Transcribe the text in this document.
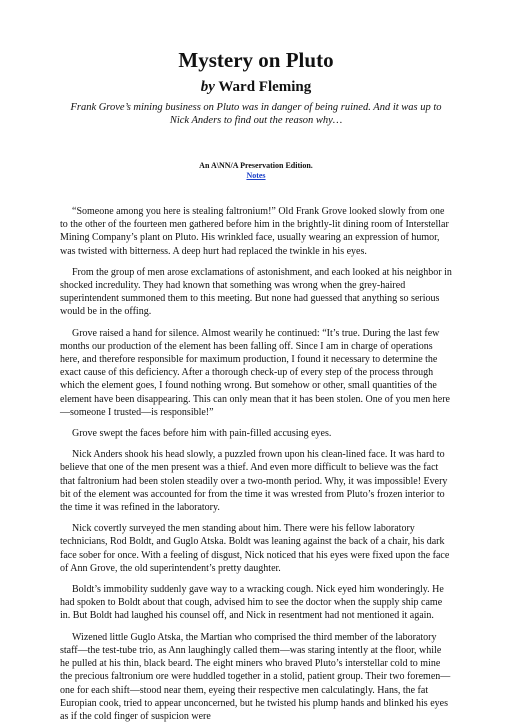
Mystery on Pluto
by Ward Fleming

Frank Grove’s mining business on Pluto was in danger of being ruined. And it was up to Nick Anders to find out the reason why…

An A\NN/A Preservation Edition.

Notes

“Someone among you here is stealing faltronium!” Old Frank Grove looked slowly from one to the other of the fourteen men gathered before him in the brightly-lit dining room of Interstellar Mining Company’s plant on Pluto. His wrinkled face, usually wearing an expression of humor, was twisted with bitterness. A deep hurt had replaced the twinkle in his eyes.

From the group of men arose exclamations of astonishment, and each looked at his neighbor in shocked incredulity. They had known that something was wrong when the grey-haired superintendent summoned them to this meeting. But none had guessed that anything so serious would be in the offing.

Grove raised a hand for silence. Almost wearily he continued: “It’s true. During the last few months our production of the element has been falling off. Since I am in charge of operations here, and therefore responsible for maximum production, I found it necessary to determine the exact cause of this deficiency. After a thorough check-up of every step of the process through which the element goes, I found nothing wrong. But somehow or other, small quantities of the element have been disappearing. This can only mean that it has been stolen. One of you men here—someone I trusted—is responsible!”

Grove swept the faces before him with pain-filled accusing eyes.

Nick Anders shook his head slowly, a puzzled frown upon his clean-lined face. It was hard to believe that one of the men present was a thief. And even more difficult to believe was the fact that faltronium had been stolen steadily over a two-month period. Why, it was impossible! Every bit of the element was accounted for from the time it was wrested from Pluto’s frozen interior to the time it was refined in the laboratory.

Nick covertly surveyed the men standing about him. There were his fellow laboratory technicians, Rod Boldt, and Guglo Atska. Boldt was leaning against the back of a chair, his dark face sober for once. With a feeling of disgust, Nick noticed that his eyes were fixed upon the face of Ann Grove, the old superintendent’s pretty daughter.

Boldt’s immobility suddenly gave way to a wracking cough. Nick eyed him wonderingly. He had spoken to Boldt about that cough, advised him to see the doctor when the supply ship came in. But Boldt had laughed his counsel off, and Nick in resentment had not mentioned it again.

Wizened little Guglo Atska, the Martian who comprised the third member of the laboratory staff—the test-tube trio, as Ann laughingly called them—was staring intently at the floor, while he pulled at his thin, black beard. The eight miners who braved Pluto’s interstellar cold to mine the precious faltronium ore were huddled together in a stolid, patient group. Their two foremen—one for each shift—stood near them, eyeing their respective men calculatingly. Hans, the fat Europian cook, tried to appear unconcerned, but he twisted his plump hands and blinked his eyes as if the cold finger of suspicion were
